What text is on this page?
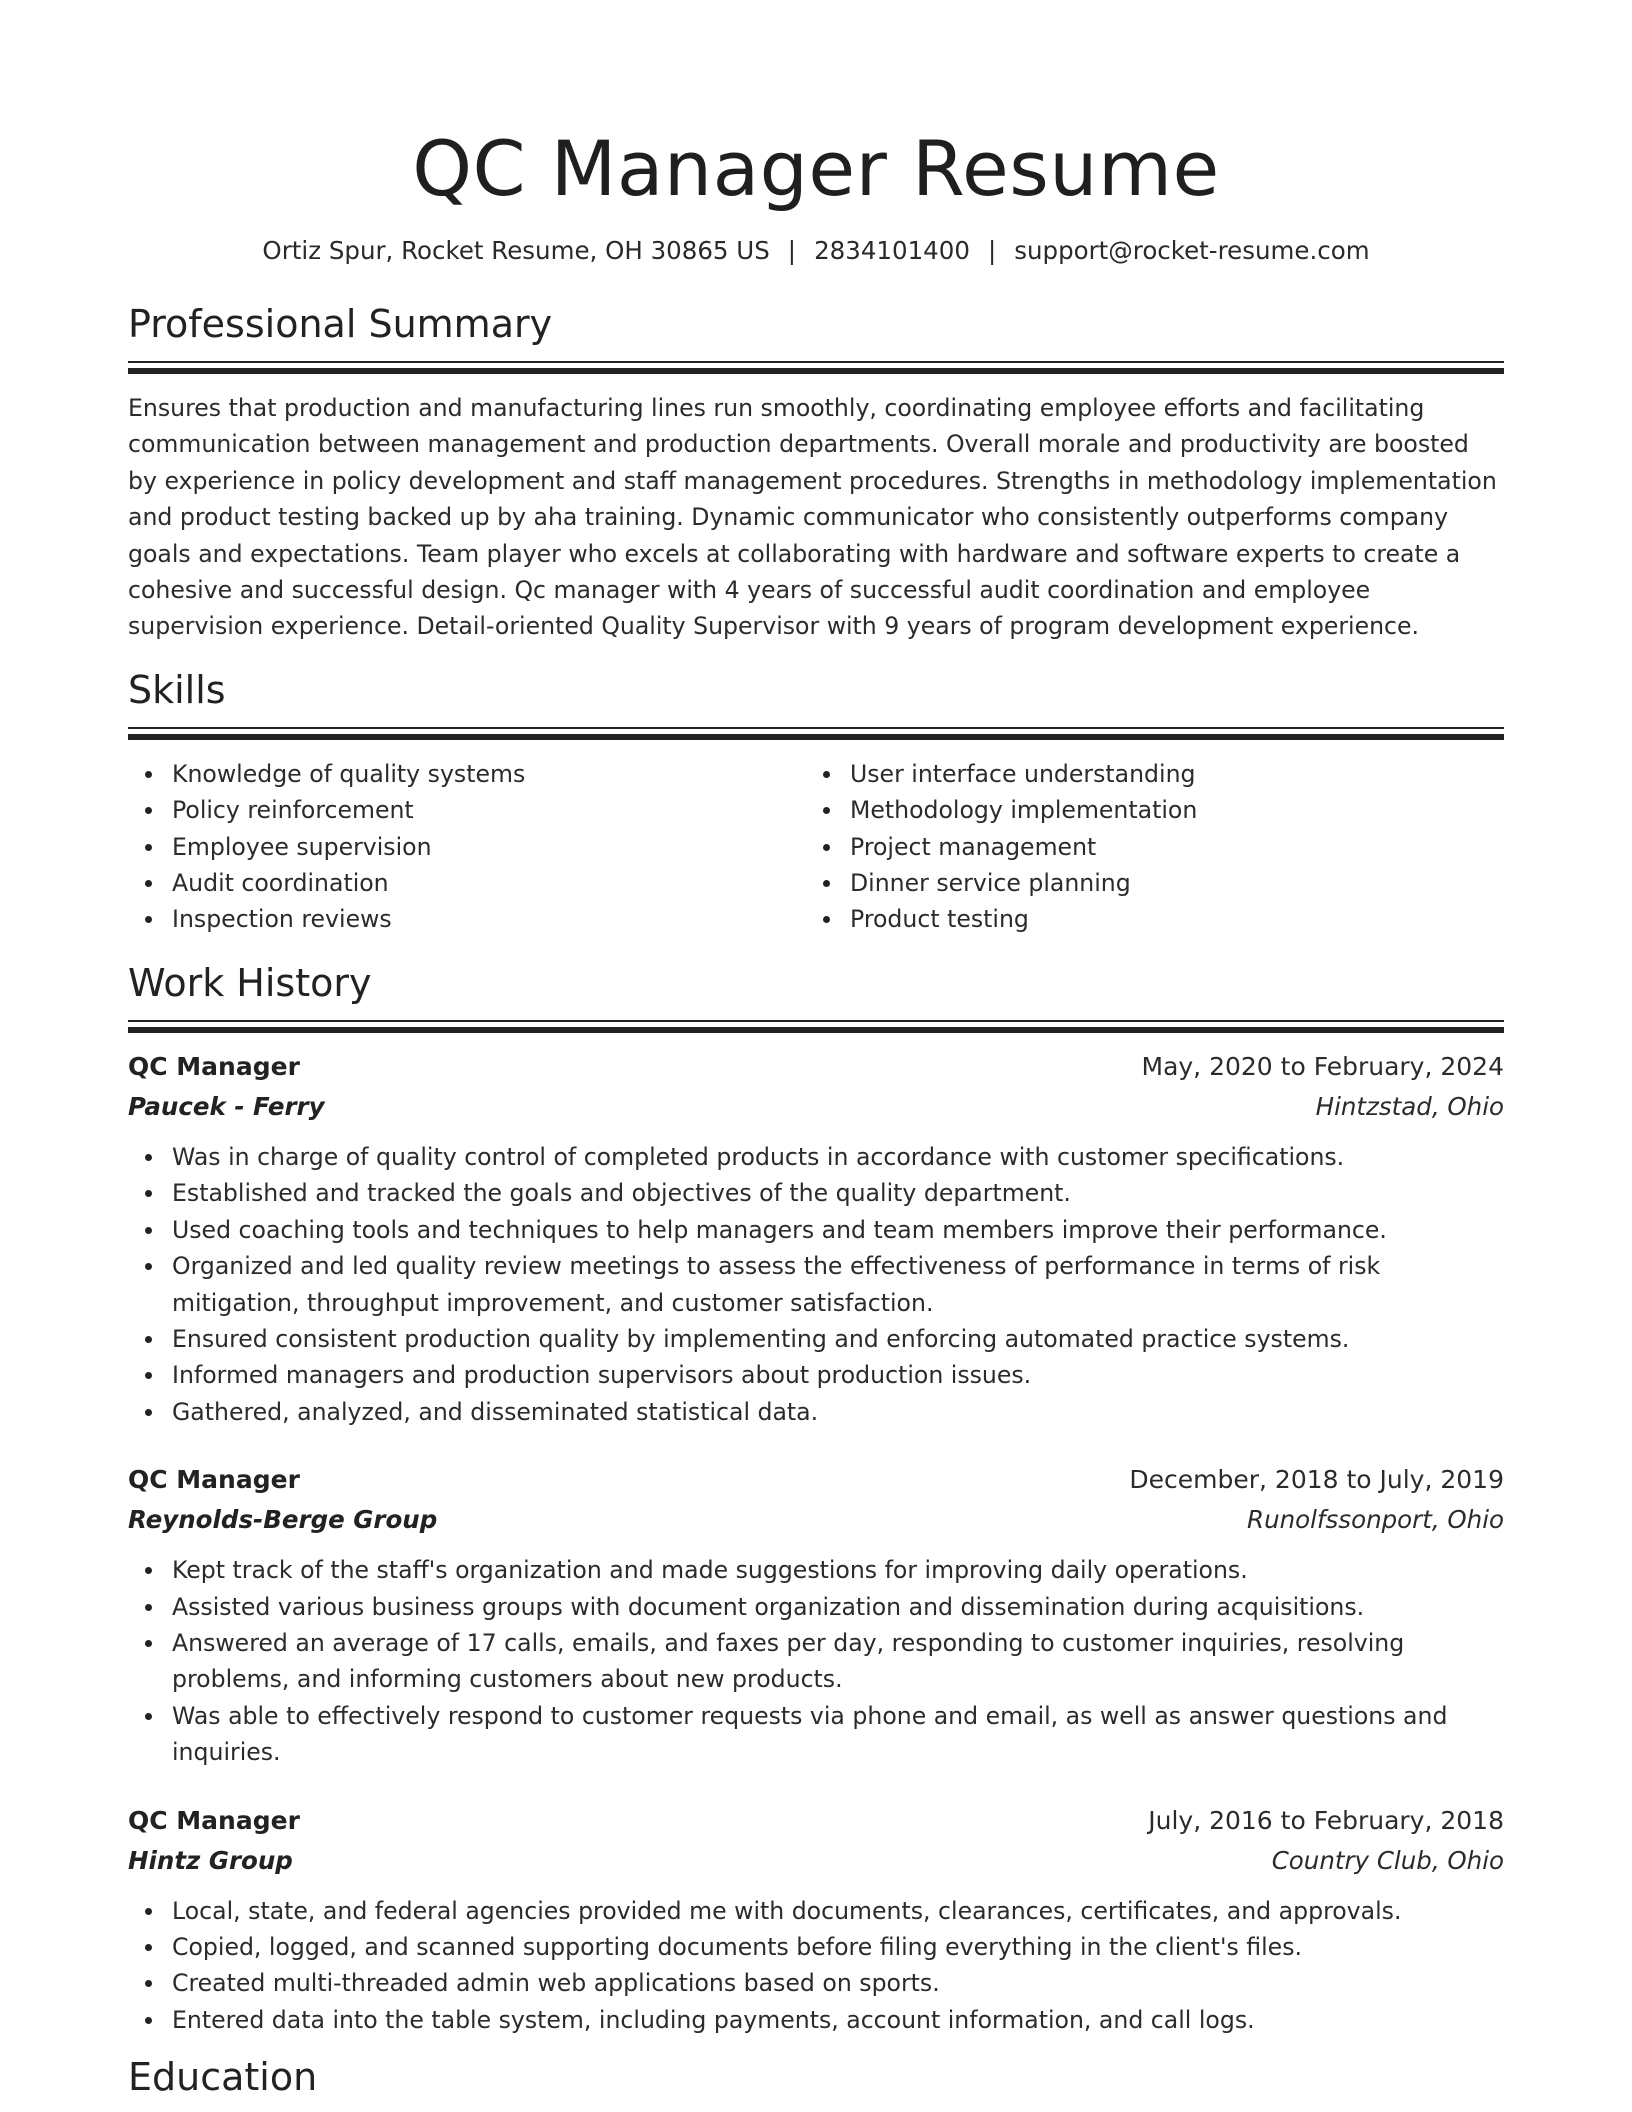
QC Manager Resume
Ortiz Spur, Rocket Resume, OH 30865 US | 2834101400 | support@rocket-resume.com
Professional Summary
Ensures that production and manufacturing lines run smoothly, coordinating employee efforts and facilitating communication between management and production departments. Overall morale and productivity are boosted by experience in policy development and staff management procedures. Strengths in methodology implementation and product testing backed up by aha training. Dynamic communicator who consistently outperforms company goals and expectations. Team player who excels at collaborating with hardware and software experts to create a cohesive and successful design. Qc manager with 4 years of successful audit coordination and employee supervision experience. Detail-oriented Quality Supervisor with 9 years of program development experience.
Skills
Knowledge of quality systems
Policy reinforcement
Employee supervision
Audit coordination
Inspection reviews
User interface understanding
Methodology implementation
Project management
Dinner service planning
Product testing
Work History
QC Manager	May, 2020 to February, 2024
Paucek - Ferry	Hintzstad, Ohio
Was in charge of quality control of completed products in accordance with customer specifications.
Established and tracked the goals and objectives of the quality department.
Used coaching tools and techniques to help managers and team members improve their performance.
Organized and led quality review meetings to assess the effectiveness of performance in terms of risk mitigation, throughput improvement, and customer satisfaction.
Ensured consistent production quality by implementing and enforcing automated practice systems.
Informed managers and production supervisors about production issues.
Gathered, analyzed, and disseminated statistical data.
QC Manager	December, 2018 to July, 2019
Reynolds-Berge Group	Runolfssonport, Ohio
Kept track of the staff's organization and made suggestions for improving daily operations.
Assisted various business groups with document organization and dissemination during acquisitions.
Answered an average of 17 calls, emails, and faxes per day, responding to customer inquiries, resolving problems, and informing customers about new products.
Was able to effectively respond to customer requests via phone and email, as well as answer questions and inquiries.
QC Manager	July, 2016 to February, 2018
Hintz Group	Country Club, Ohio
Local, state, and federal agencies provided me with documents, clearances, certificates, and approvals.
Copied, logged, and scanned supporting documents before filing everything in the client's files.
Created multi-threaded admin web applications based on sports.
Entered data into the table system, including payments, account information, and call logs.
Education
